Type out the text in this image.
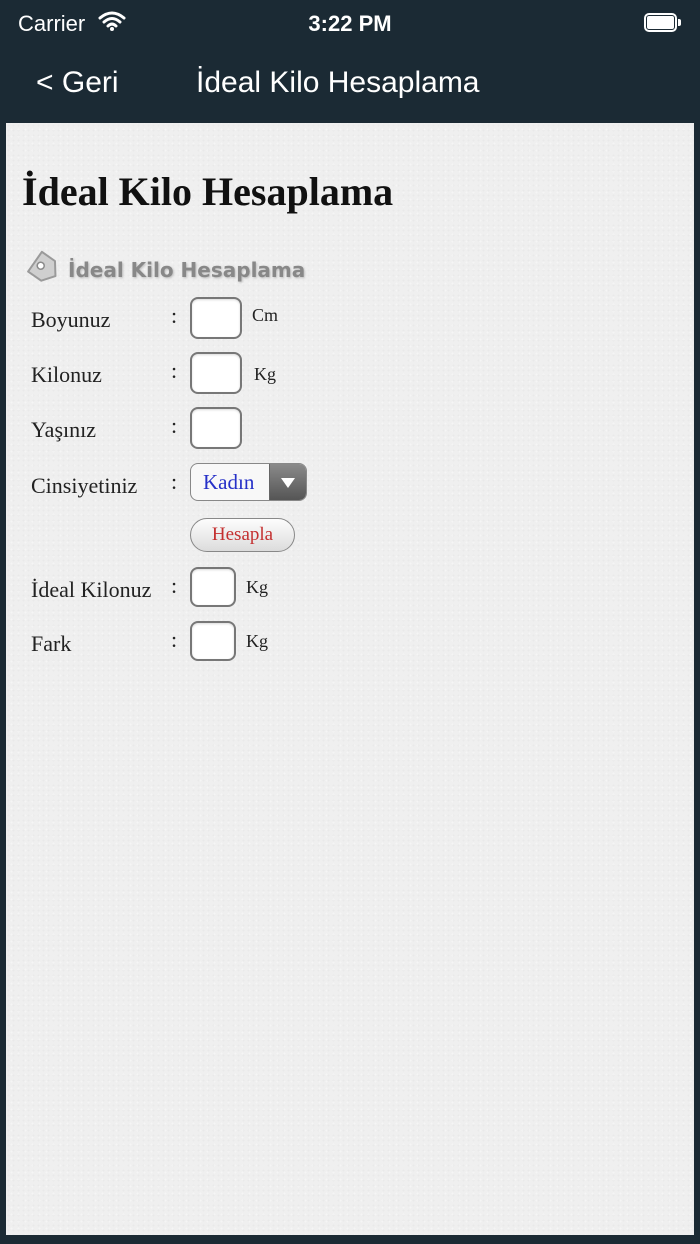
Carrier	3:22 PM
< Geri	İdeal Kilo Hesaplama
İdeal Kilo Hesaplama
İdeal Kilo Hesaplama
Boyunuz	:	Cm
Kilonuz	:	Kg
Yaşınız	:
Cinsiyetiniz : Kadın
Hesapla
İdeal Kilonuz :	Kg
Fark	:	Kg
